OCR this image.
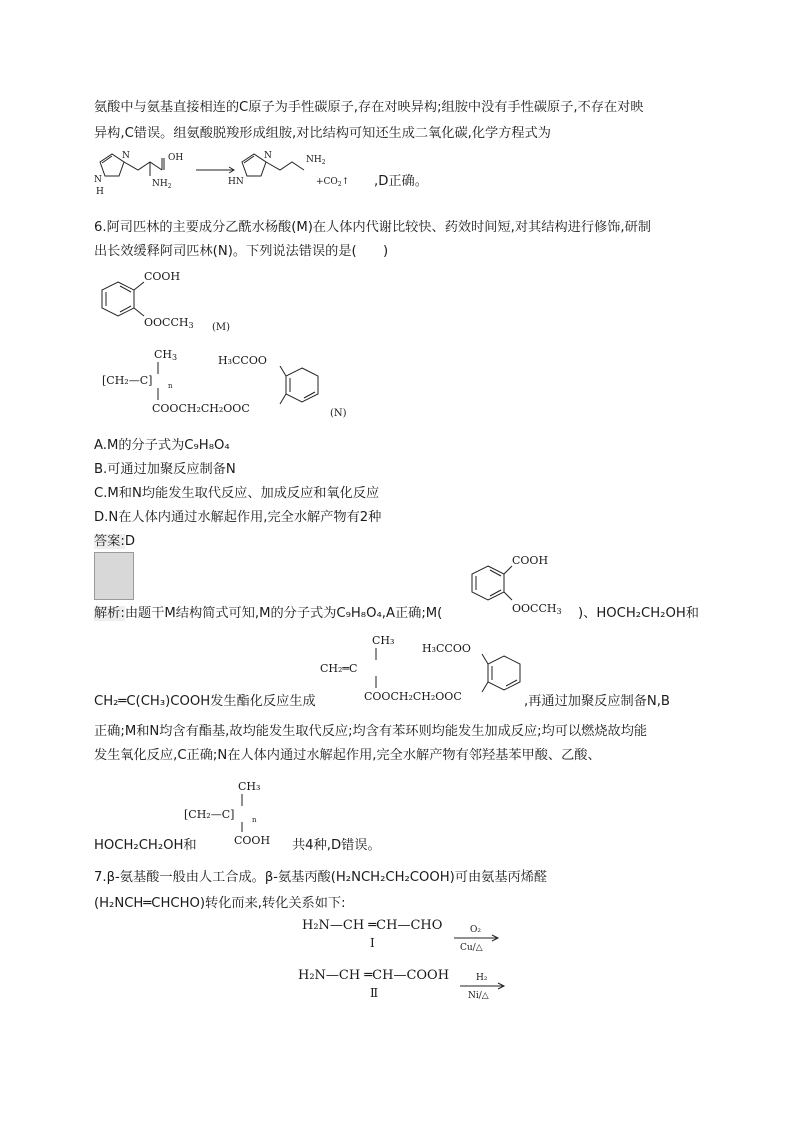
氨酸中与氨基直接相连的C原子为手性碳原子,存在对映异构;组胺中没有手性碳原子,不存在对映
异构,C错误。组氨酸脱羧形成组胺,对比结构可知还生成二氧化碳,化学方程式为
N
H
N	OH
$NH_2$	HN
N	$NH_2$
$+CO_2↑$ ,D正确。
6.阿司匹林的主要成分乙酰水杨酸(M)在人体内代谢比较快、药效时间短,对其结构进行修饰,研制
出长效缓释阿司匹林(N)。下列说法错误的是(　　)
COOH
OOCCH3 (M)
CH3
[CH₂—C] n
COOCH₂CH₂OOC
H₃CCOO
(N)
A.M的分子式为C₉H₈O₄
B.可通过加聚反应制备N
C.M和N均能发生取代反应、加成反应和氧化反应
D.N在人体内通过水解起作用,完全水解产物有2种
答案:D
COOH
OOCCH3
解析:由题干M结构简式可知,M的分子式为C₉H₈O₄,A正确;M(	)、HOCH₂CH₂OH和
CH₃
CH₂═C
COOCH₂CH₂OOC
H₃CCOO
CH₂═C(CH₃)COOH发生酯化反应生成	,再通过加聚反应制备N,B
正确;M和N均含有酯基,故均能发生取代反应;均含有苯环则均能发生加成反应;均可以燃烧故均能
发生氧化反应,C正确;N在人体内通过水解起作用,完全水解产物有邻羟基苯甲酸、乙酸、
CH₃
[CH₂—C]	n
COOH
HOCH₂CH₂OH和	共4种,D错误。
7.β-氨基酸一般由人工合成。β-氨基丙酸(H₂NCH₂CH₂COOH)可由氨基丙烯醛
(H₂NCH═CHCHO)转化而来,转化关系如下:
H₂N—CH ═CH—CHO
Ⅰ
O₂
Cu/△
H₂N—CH ═CH—COOH
Ⅱ
H₂
Ni/△
